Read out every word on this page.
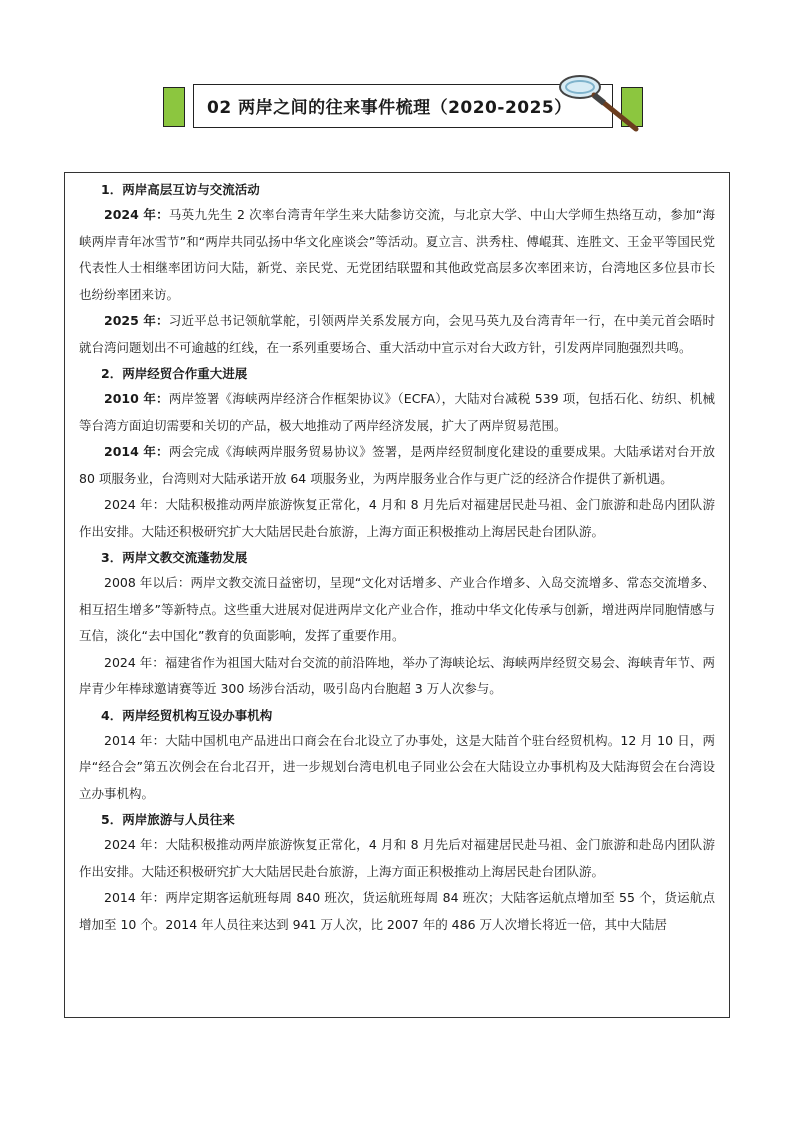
02 两岸之间的往来事件梳理（2020-2025）

1．两岸高层互访与交流活动

2024 年：马英九先生 2 次率台湾青年学生来大陆参访交流，与北京大学、中山大学师生热络互动，参加“海峡两岸青年冰雪节”和“两岸共同弘扬中华文化座谈会”等活动。夏立言、洪秀柱、傅崐萁、连胜文、王金平等国民党代表性人士相继率团访问大陆，新党、亲民党、无党团结联盟和其他政党高层多次率团来访，台湾地区多位县市长也纷纷率团来访。

2025 年：习近平总书记领航掌舵，引领两岸关系发展方向，会见马英九及台湾青年一行，在中美元首会晤时就台湾问题划出不可逾越的红线，在一系列重要场合、重大活动中宣示对台大政方针，引发两岸同胞强烈共鸣。

2．两岸经贸合作重大进展

2010 年：两岸签署《海峡两岸经济合作框架协议》（ECFA），大陆对台减税 539 项，包括石化、纺织、机械等台湾方面迫切需要和关切的产品，极大地推动了两岸经济发展，扩大了两岸贸易范围。

2014 年：两会完成《海峡两岸服务贸易协议》签署，是两岸经贸制度化建设的重要成果。大陆承诺对台开放 80 项服务业，台湾则对大陆承诺开放 64 项服务业，为两岸服务业合作与更广泛的经济合作提供了新机遇。

2024 年：大陆积极推动两岸旅游恢复正常化，4 月和 8 月先后对福建居民赴马祖、金门旅游和赴岛内团队游作出安排。大陆还积极研究扩大大陆居民赴台旅游，上海方面正积极推动上海居民赴台团队游。

3．两岸文教交流蓬勃发展

2008 年以后：两岸文教交流日益密切，呈现“文化对话增多、产业合作增多、入岛交流增多、常态交流增多、相互招生增多”等新特点。这些重大进展对促进两岸文化产业合作，推动中华文化传承与创新，增进两岸同胞情感与互信，淡化“去中国化”教育的负面影响，发挥了重要作用。

2024 年：福建省作为祖国大陆对台交流的前沿阵地，举办了海峡论坛、海峡两岸经贸交易会、海峡青年节、两岸青少年棒球邀请赛等近 300 场涉台活动，吸引岛内台胞超 3 万人次参与。

4．两岸经贸机构互设办事机构

2014 年：大陆中国机电产品进出口商会在台北设立了办事处，这是大陆首个驻台经贸机构。12 月 10 日，两岸“经合会”第五次例会在台北召开，进一步规划台湾电机电子同业公会在大陆设立办事机构及大陆海贸会在台湾设立办事机构。

5．两岸旅游与人员往来

2024 年：大陆积极推动两岸旅游恢复正常化，4 月和 8 月先后对福建居民赴马祖、金门旅游和赴岛内团队游作出安排。大陆还积极研究扩大大陆居民赴台旅游，上海方面正积极推动上海居民赴台团队游。

2014 年：两岸定期客运航班每周 840 班次，货运航班每周 84 班次；大陆客运航点增加至 55 个，货运航点增加至 10 个。2014 年人员往来达到 941 万人次，比 2007 年的 486 万人次增长将近一倍，其中大陆居
